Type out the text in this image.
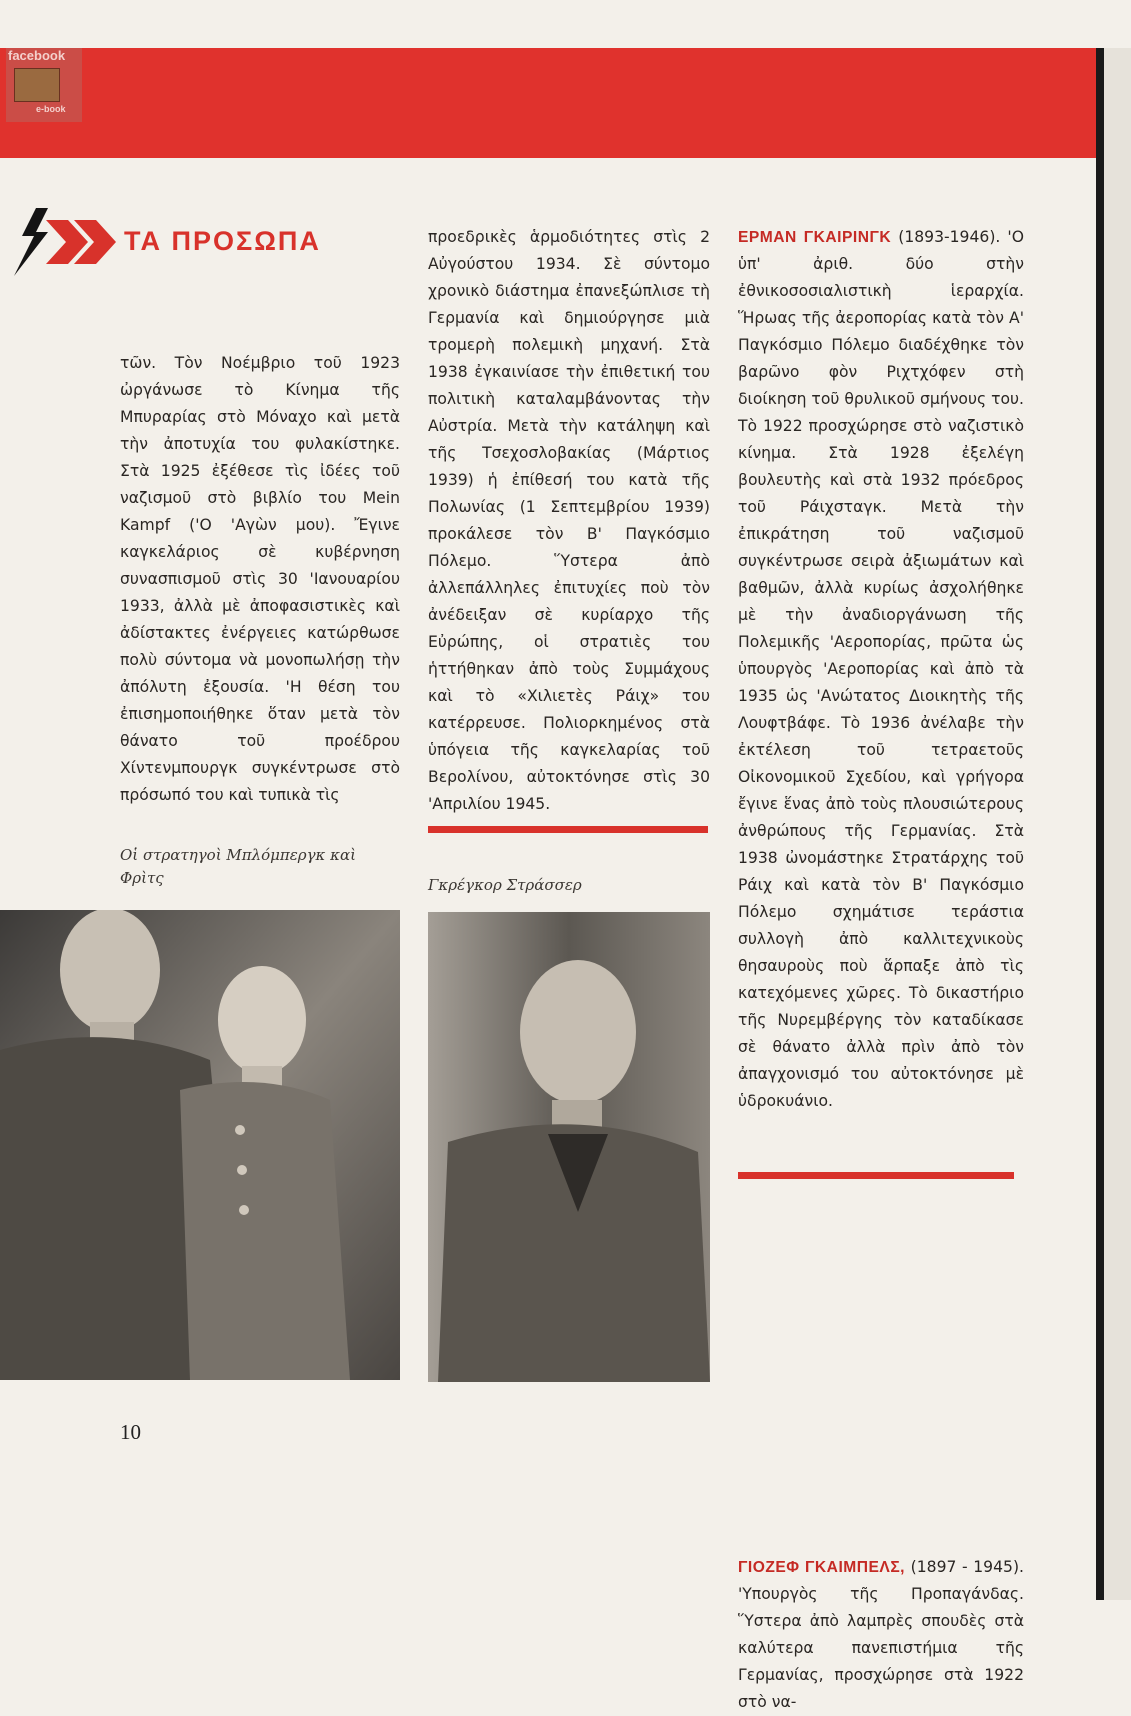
facebook
e-book
ΤΑ ΠΡΟΣΩΠΑ
τῶν. Τὸν Νοέμβριο τοῦ 1923 ὠργάνωσε τὸ Κίνημα τῆς Μπυραρίας στὸ Μόναχο καὶ μετὰ τὴν ἀποτυχία του φυλακίστηκε. Στὰ 1925 ἐξέθεσε τὶς ἰδέες τοῦ ναζισμοῦ στὸ βιβλίο του Mein Kampf ('Ο 'Αγὼν μου). Ἔγινε καγκελάριος σὲ κυβέρνηση συνασπισμοῦ στὶς 30 'Ιανουαρίου 1933, ἀλλὰ μὲ ἀποφασιστικὲς καὶ ἀδίστακτες ἐνέργειες κατώρθωσε πολὺ σύντομα νὰ μονοπωλήσῃ τὴν ἀπόλυτη ἐξουσία. 'Η θέση του ἐπισημοποιήθηκε ὅταν μετὰ τὸν θάνατο τοῦ προέδρου Χίντενμπουργκ συγκέντρωσε στὸ πρόσωπό του καὶ τυπικὰ τὶς
προεδρικὲς ἁρμοδιότητες στὶς 2 Αὐγούστου 1934. Σὲ σύντομο χρονικὸ διάστημα ἐπανεξώπλισε τὴ Γερμανία καὶ δημιούργησε μιὰ τρομερὴ πολεμικὴ μηχανή. Στὰ 1938 ἐγκαινίασε τὴν ἐπιθετική του πολιτικὴ καταλαμβάνοντας τὴν Αὐστρία. Μετὰ τὴν κατάληψη καὶ τῆς Τσεχοσλοβακίας (Μάρτιος 1939) ἡ ἐπίθεσή του κατὰ τῆς Πολωνίας (1 Σεπτεμβρίου 1939) προκάλεσε τὸν Β' Παγκόσμιο Πόλεμο. Ὕστερα ἀπὸ ἀλλεπάλληλες ἐπιτυχίες ποὺ τὸν ἀνέδειξαν σὲ κυρίαρχο τῆς Εὐρώπης, οἱ στρατιὲς του ἡττήθηκαν ἀπὸ τοὺς Συμμάχους καὶ τὸ «Χιλιετὲς Ράιχ» του κατέρρευσε. Πολιορκημένος στὰ ὑπόγεια τῆς καγκελαρίας τοῦ Βερολίνου, αὐτοκτόνησε στὶς 30 'Απριλίου 1945.
ΕΡΜΑΝ ΓΚΑΙΡΙΝΓΚ (1893-1946). 'Ο ὑπ' ἀριθ. δύο στὴν ἐθνικοσοσιαλιστικὴ ἱεραρχία. Ἥρωας τῆς ἀεροπορίας κατὰ τὸν Α' Παγκόσμιο Πόλεμο διαδέχθηκε τὸν βαρῶνο φὸν Ριχτχόφεν στὴ διοίκηση τοῦ θρυλικοῦ σμήνους του. Τὸ 1922 προσχώρησε στὸ ναζιστικὸ κίνημα. Στὰ 1928 ἐξελέγη βουλευτὴς καὶ στὰ 1932 πρόεδρος τοῦ Ράιχσταγκ. Μετὰ τὴν ἐπικράτηση τοῦ ναζισμοῦ συγκέντρωσε σειρὰ ἀξιωμάτων καὶ βαθμῶν, ἀλλὰ κυρίως ἀσχολήθηκε μὲ τὴν ἀναδιοργάνωση τῆς Πολεμικῆς 'Αεροπορίας, πρῶτα ὡς ὑπουργὸς 'Αεροπορίας καὶ ἀπὸ τὰ 1935 ὡς 'Ανώτατος Διοικητὴς τῆς Λουφτβάφε. Τὸ 1936 ἀνέλαβε τὴν ἐκτέλεση τοῦ τετραετοῦς Οἰκονομικοῦ Σχεδίου, καὶ γρήγορα ἔγινε ἕνας ἀπὸ τοὺς πλουσιώτερους ἀνθρώπους τῆς Γερμανίας. Στὰ 1938 ὠνομάστηκε Στρατάρχης τοῦ Ράιχ καὶ κατὰ τὸν Β' Παγκόσμιο Πόλεμο σχημάτισε τεράστια συλλογὴ ἀπὸ καλλιτεχνικοὺς θησαυροὺς ποὺ ἅρπαξε ἀπὸ τὶς κατεχόμενες χῶρες. Τὸ δικαστήριο τῆς Νυρεμβέργης τὸν καταδίκασε σὲ θάνατο ἀλλὰ πρὶν ἀπὸ τὸν ἀπαγχονισμό του αὐτοκτόνησε μὲ ὑδροκυάνιο.
ΓΙΟΖΕΦ ΓΚΑΙΜΠΕΛΣ, (1897 - 1945). 'Υπουργὸς τῆς Προπαγάνδας. Ὕστερα ἀπὸ λαμπρὲς σπουδὲς στὰ καλύτερα πανεπιστήμια τῆς Γερμανίας, προσχώρησε στὰ 1922 στὸ να-
Οἱ στρατηγοὶ Μπλόμπεργκ καὶ Φρὶτς	Γκρέγκορ Στράσσερ
10
